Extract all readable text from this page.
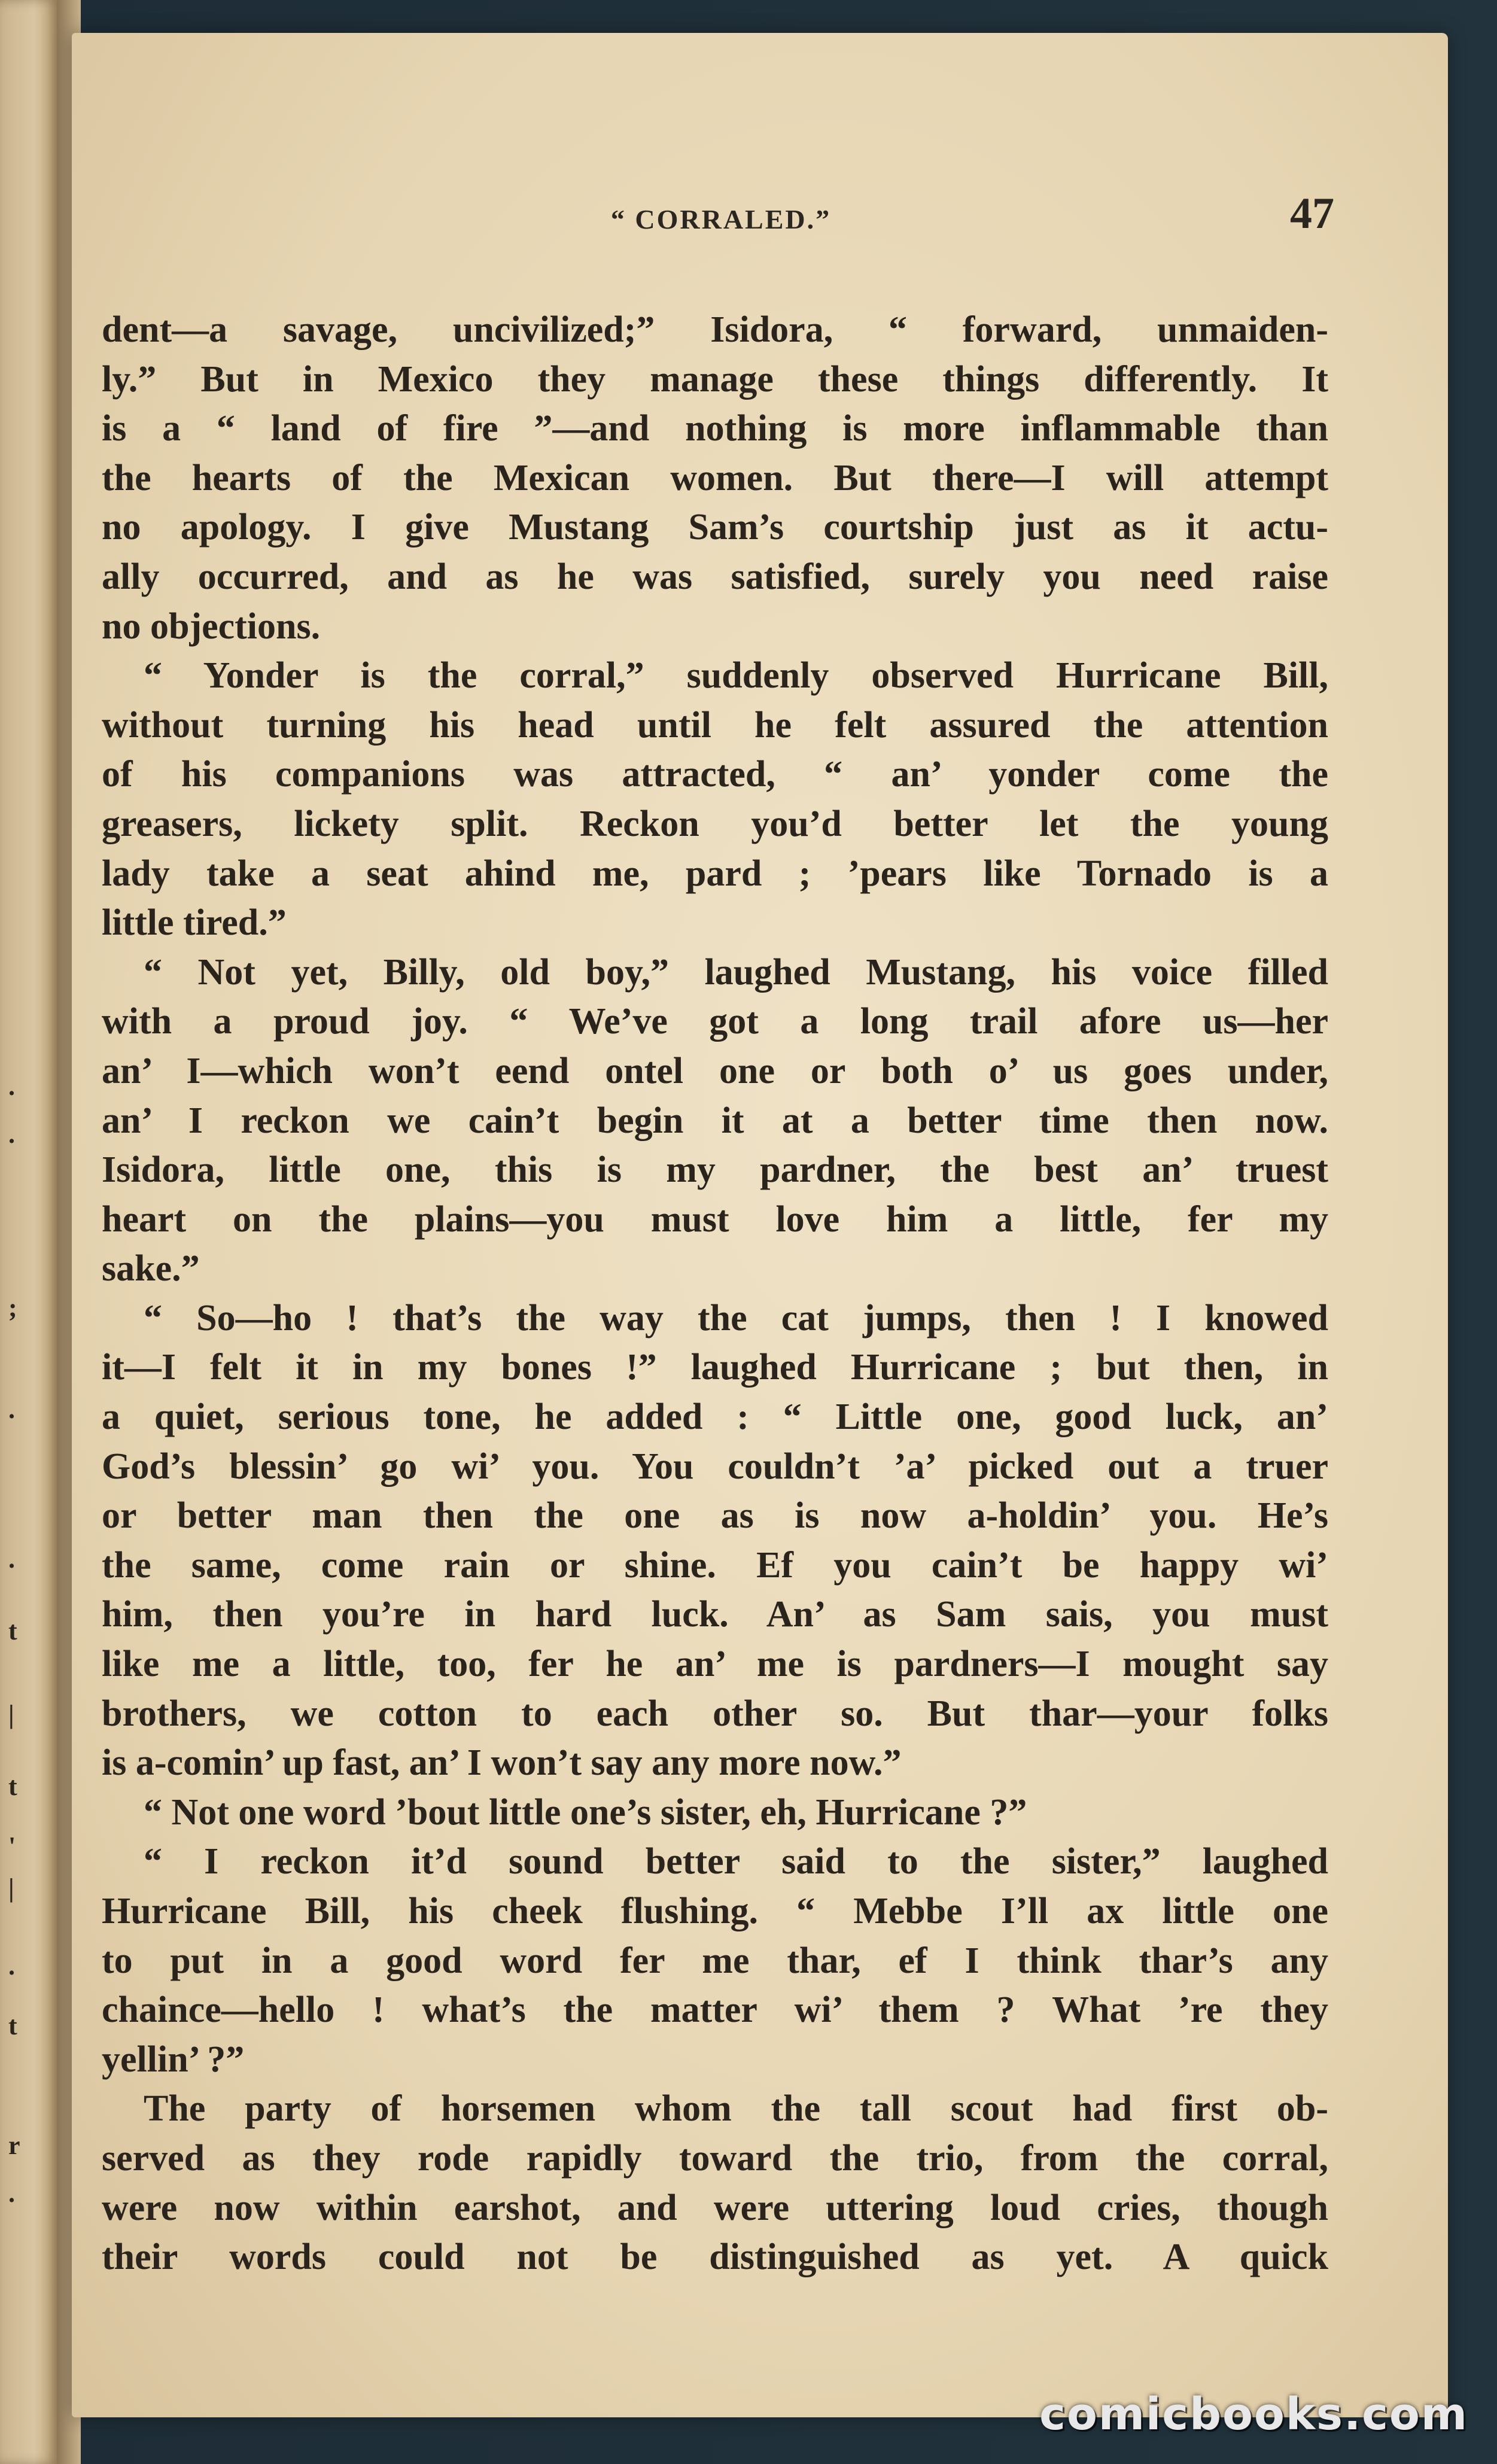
.
.
;
.
.
t
|
t
'
|
.
t
r
.
“ CORRALED.”	47
dent—a savage, uncivilized;” Isidora, “ forward, unmaiden-
ly.” But in Mexico they manage these things differently. It
is a “ land of fire ”—and nothing is more inflammable than
the hearts of the Mexican women. But there—I will attempt
no apology. I give Mustang Sam’s courtship just as it actu-
ally occurred, and as he was satisfied, surely you need raise
no objections.
“ Yonder is the corral,” suddenly observed Hurricane Bill,
without turning his head until he felt assured the attention
of his companions was attracted, “ an’ yonder come the
greasers, lickety split. Reckon you’d better let the young
lady take a seat ahind me, pard ; ’pears like Tornado is a
little tired.”
“ Not yet, Billy, old boy,” laughed Mustang, his voice filled
with a proud joy. “ We’ve got a long trail afore us—her
an’ I—which won’t eend ontel one or both o’ us goes under,
an’ I reckon we cain’t begin it at a better time then now.
Isidora, little one, this is my pardner, the best an’ truest
heart on the plains—you must love him a little, fer my
sake.”
“ So—ho ! that’s the way the cat jumps, then ! I knowed
it—I felt it in my bones !” laughed Hurricane ; but then, in
a quiet, serious tone, he added : “ Little one, good luck, an’
God’s blessin’ go wi’ you. You couldn’t ’a’ picked out a truer
or better man then the one as is now a-holdin’ you. He’s
the same, come rain or shine. Ef you cain’t be happy wi’
him, then you’re in hard luck. An’ as Sam sais, you must
like me a little, too, fer he an’ me is pardners—I mought say
brothers, we cotton to each other so. But thar—your folks
is a-comin’ up fast, an’ I won’t say any more now.”
“ Not one word ’bout little one’s sister, eh, Hurricane ?”
“ I reckon it’d sound better said to the sister,” laughed
Hurricane Bill, his cheek flushing. “ Mebbe I’ll ax little one
to put in a good word fer me thar, ef I think thar’s any
chaince—hello ! what’s the matter wi’ them ? What ’re they
yellin’ ?”
The party of horsemen whom the tall scout had first ob-
served as they rode rapidly toward the trio, from the corral,
were now within earshot, and were uttering loud cries, though
their words could not be distinguished as yet. A quick
comicbooks.com
